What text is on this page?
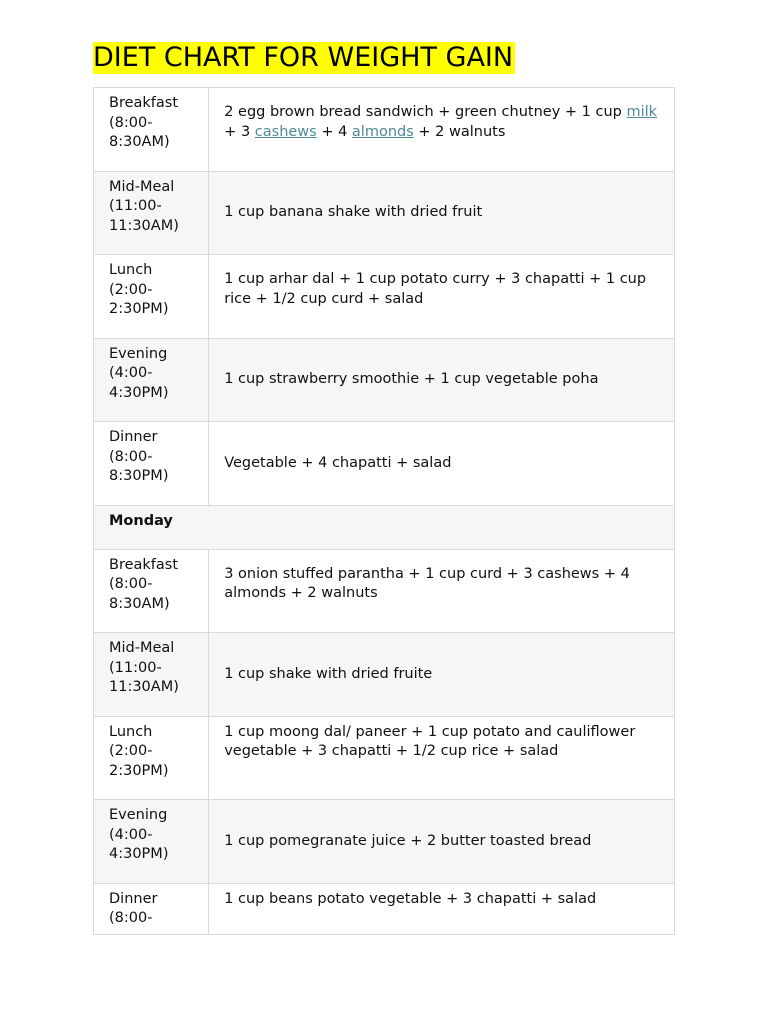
DIET CHART FOR WEIGHT GAIN
Breakfast
(8:00-8:30AM)	2 egg brown bread sandwich + green chutney + 1 cup milk + 3 cashews + 4 almonds + 2 walnuts
Mid-Meal
(11:00-11:30AM)	1 cup banana shake with dried fruit
Lunch
(2:00-2:30PM)	1 cup arhar dal + 1 cup potato curry + 3 chapatti + 1 cup rice + 1/2 cup curd + salad
Evening
(4:00-4:30PM)	1 cup strawberry smoothie + 1 cup vegetable poha
Dinner
(8:00-8:30PM)	Vegetable + 4 chapatti + salad
Monday	
Breakfast
(8:00-8:30AM)	3 onion stuffed parantha + 1 cup curd + 3 cashews + 4 almonds + 2 walnuts
Mid-Meal
(11:00-11:30AM)	1 cup shake with dried fruite
Lunch
(2:00-2:30PM)	1 cup moong dal/ paneer + 1 cup potato and cauliflower vegetable + 3 chapatti + 1/2 cup rice + salad
Evening
(4:00-4:30PM)	1 cup pomegranate juice + 2 butter toasted bread
Dinner
(8:00-	1 cup beans potato vegetable + 3 chapatti + salad
